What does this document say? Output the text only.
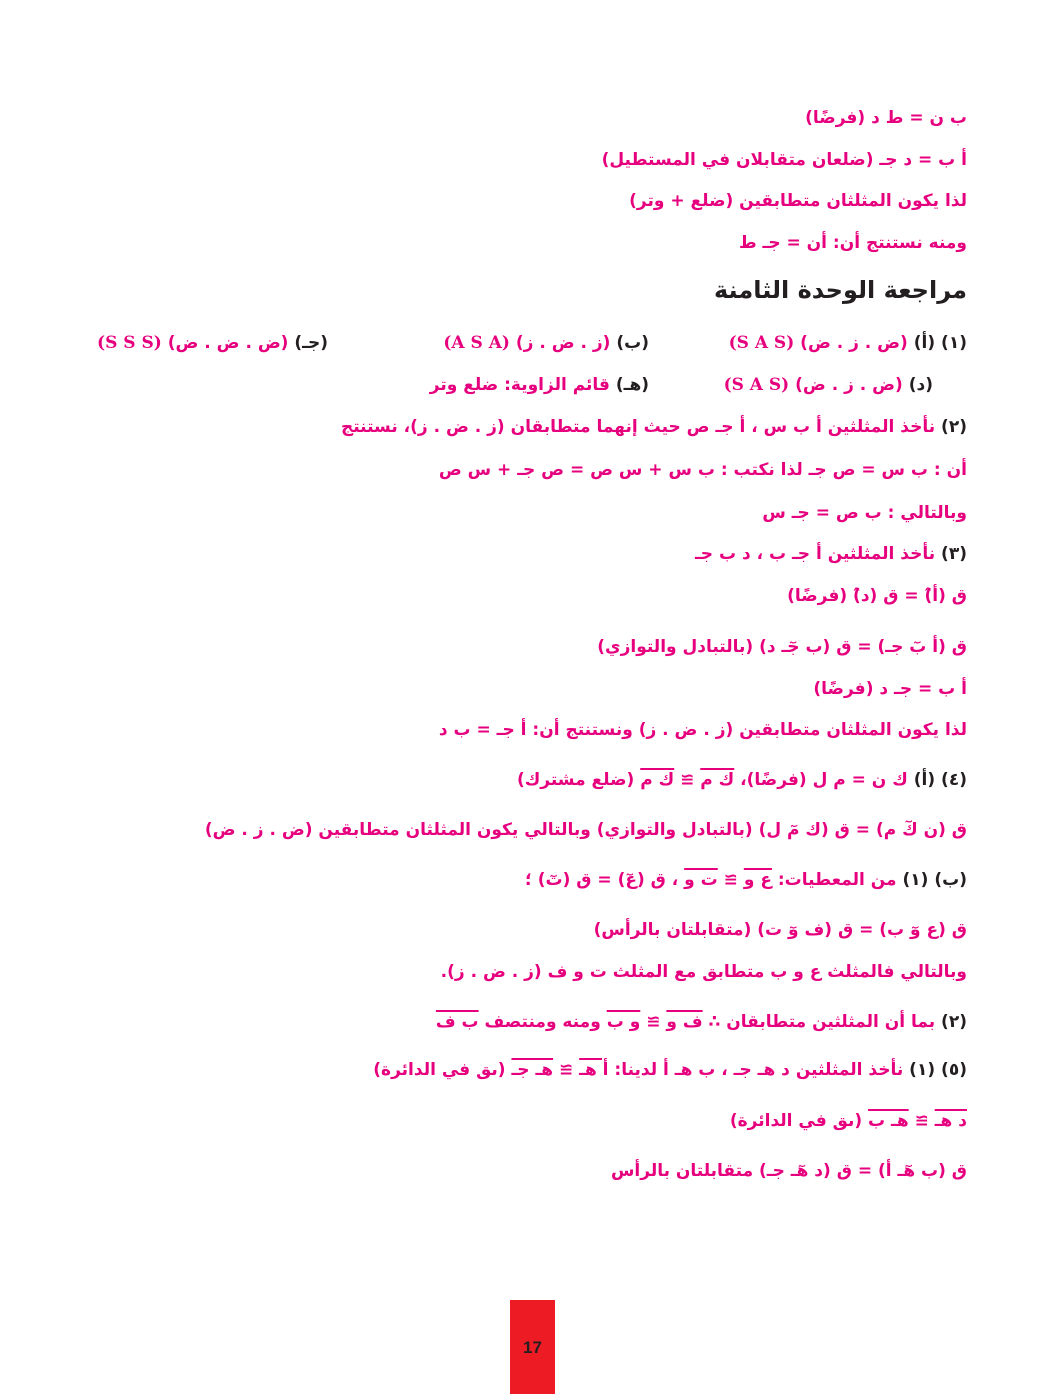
ب ن = ط د (فرضًا)
أ ب = د جـ (ضلعان متقابلان في المستطيل)
لذا يكون المثلثان متطابقين (ضلع + وتر)
ومنه نستنتج أن: أن = جـ ط
مراجعة الوحدة الثامنة
(١) (أ) (ض . ز . ض) (S A S)
(ب) (ز . ض . ز) (A S A)
(جـ) (ض . ض . ض) (S S S)
(د) (ض . ز . ض) (S A S)
(هـ) قائم الزاوية: ضلع وتر
(٢) نأخذ المثلثين أ ب س ، أ جـ ص حيث إنهما متطابقان (ز . ض . ز)، نستنتج
أن : ب س = ص جـ لذا نكتب : ب س + س ص = ص جـ + س ص
وبالتالي : ب ص = جـ س
(٣) نأخذ المثلثين أ جـ ب ، د ب جـ
ق (أ̂) = ق (د̂) (فرضًا)
ق (أ بٓ جـ) = ق (ب جٓـ د) (بالتبادل والتوازي)
أ ب = جـ د (فرضًا)
لذا يكون المثلثان متطابقين (ز . ض . ز) ونستنتج أن: أ جـ = ب د
(٤) (أ) ك ن = م ل (فرضًا)، ك م ≅ ك م (ضلع مشترك)
ق (ن كٓ م) = ق (ك مٓ ل) (بالتبادل والتوازي) وبالتالي يكون المثلثان متطابقين (ض . ز . ض)
(ب) (١) من المعطيات: ع و ≅ ت و ، ق (عٓ) = ق (تٓ) ؛
ق (ع وٓ ب) = ق (ف وٓ ت) (متقابلتان بالرأس)
وبالتالي فالمثلث ع و ب متطابق مع المثلث ت و ف (ز . ض . ز).
(٢) بما أن المثلثين متطابقان ∴ ف و ≅ و ب ومنه ومنتصف ب ف
(٥) (١) نأخذ المثلثين د هـ جـ ، ب هـ أ لدينا: أ هـ ≅ هـ جـ (ىق في الدائرة)
د هـ ≅ هـ ب (ىق في الدائرة)
ق (ب هٓـ أ) = ق (د هٓـ جـ) متقابلتان بالرأس
17
